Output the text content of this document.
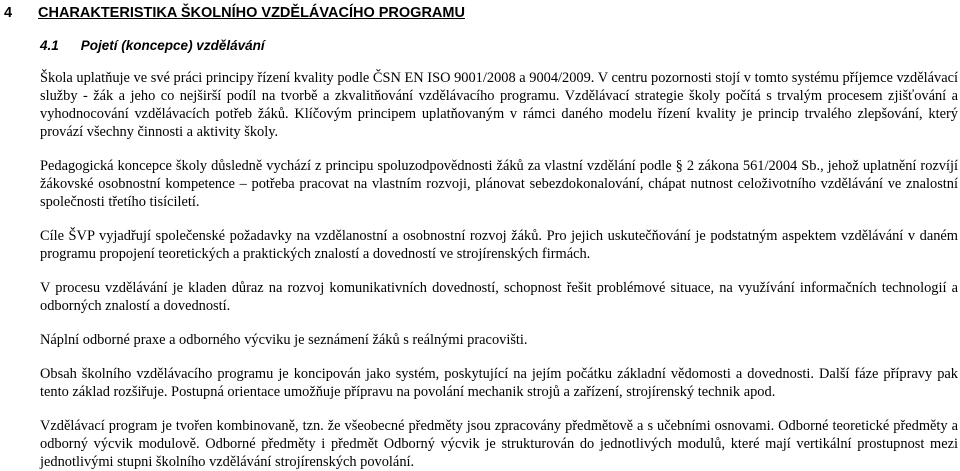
4 CHARAKTERISTIKA ŠKOLNÍHO VZDĚLÁVACÍHO PROGRAMU
4.1 Pojetí (koncepce) vzdělávání

Škola uplatňuje ve své práci principy řízení kvality podle ČSN EN ISO 9001/2008 a 9004/2009. V centru pozornosti stojí v tomto systému příjemce vzdělávací služby - žák a jeho co nejširší podíl na tvorbě a zkvalitňování vzdělávacího programu. Vzdělávací strategie školy počítá s trvalým procesem zjišťování a vyhodnocování vzdělávacích potřeb žáků. Klíčovým principem uplatňovaným v rámci daného modelu řízení kvality je princip trvalého zlepšování, který provází všechny činnosti a aktivity školy.

Pedagogická koncepce školy důsledně vychází z principu spoluzodpovědnosti žáků za vlastní vzdělání podle § 2 zákona 561/2004 Sb., jehož uplatnění rozvíjí žákovské osobnostní kompetence – potřeba pracovat na vlastním rozvoji, plánovat sebezdokonalování, chápat nutnost celoživotního vzdělávání ve znalostní společnosti třetího tisíciletí.

Cíle ŠVP vyjadřují společenské požadavky na vzdělanostní a osobnostní rozvoj žáků. Pro jejich uskutečňování je podstatným aspektem vzdělávání v daném programu propojení teoretických a praktických znalostí a dovedností ve strojírenských firmách.

V procesu vzdělávání je kladen důraz na rozvoj komunikativních dovedností, schopnost řešit problémové situace, na využívání informačních technologií a odborných znalostí a dovedností.

Náplní odborné praxe a odborného výcviku je seznámení žáků s reálnými pracovišti.

Obsah školního vzdělávacího programu je koncipován jako systém, poskytující na jejím počátku základní vědomosti a dovednosti. Další fáze přípravy pak tento základ rozšiřuje. Postupná orientace umožňuje přípravu na povolání mechanik strojů a zařízení, strojírenský technik apod.

Vzdělávací program je tvořen kombinovaně, tzn. že všeobecné předměty jsou zpracovány předmětově a s učebními osnovami. Odborné teoretické předměty a odborný výcvik modulově. Odborné předměty i předmět Odborný výcvik je strukturován do jednotlivých modulů, které mají vertikální prostupnost mezi jednotlivými stupni školního vzdělávání strojírenských povolání.
